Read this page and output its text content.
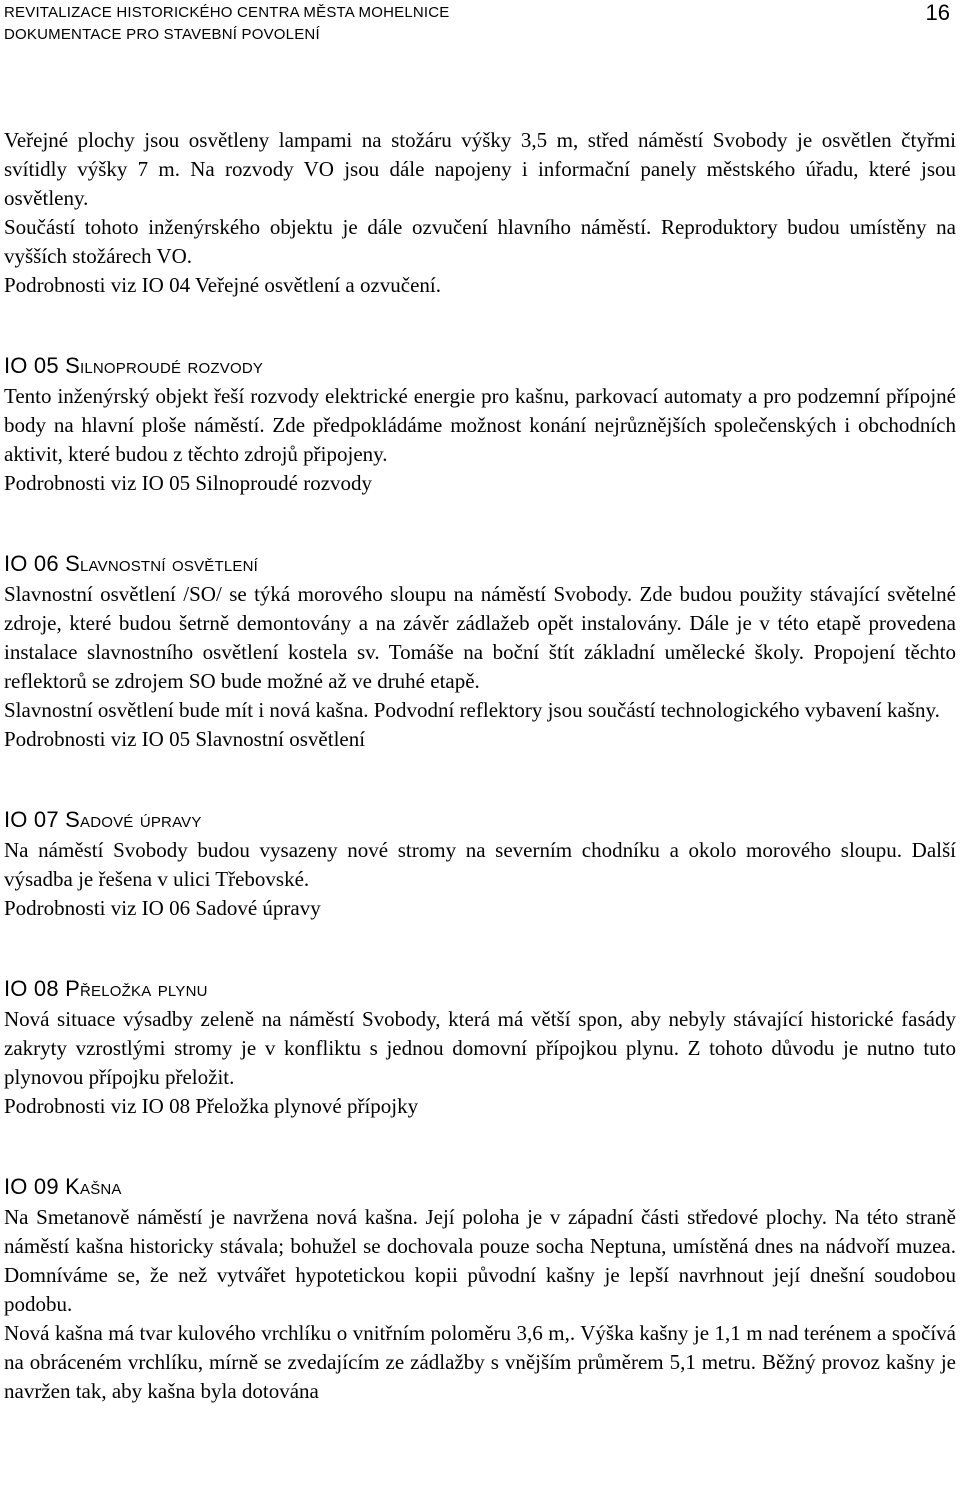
REVITALIZACE HISTORICKÉHO CENTRA MĚSTA MOHELNICE
DOKUMENTACE PRO STAVEBNÍ POVOLENÍ
16

Veřejné plochy jsou osvětleny lampami na stožáru výšky 3,5 m, střed náměstí Svobody je osvětlen čtyřmi svítidly výšky 7 m. Na rozvody VO jsou dále napojeny i informační panely městského úřadu, které jsou osvětleny.

Součástí tohoto inženýrského objektu je dále ozvučení hlavního náměstí. Reproduktory budou umístěny na vyšších stožárech VO.

Podrobnosti viz IO 04 Veřejné osvětlení a ozvučení.

IO 05 Silnoproudé rozvody

Tento inženýrský objekt řeší rozvody elektrické energie pro kašnu, parkovací automaty a pro podzemní přípojné body na hlavní ploše náměstí. Zde předpokládáme možnost konání nejrůznějších společenských i obchodních aktivit, které budou z těchto zdrojů připojeny.

Podrobnosti viz IO 05 Silnoproudé rozvody

IO 06 Slavnostní osvětlení

Slavnostní osvětlení /SO/ se týká morového sloupu na náměstí Svobody. Zde budou použity stávající světelné zdroje, které budou šetrně demontovány a na závěr zádlažeb opět instalovány. Dále je v této etapě provedena instalace slavnostního osvětlení kostela sv. Tomáše na boční štít základní umělecké školy. Propojení těchto reflektorů se zdrojem SO bude možné až ve druhé etapě.

Slavnostní osvětlení bude mít i nová kašna. Podvodní reflektory jsou součástí technologického vybavení kašny.

Podrobnosti viz IO 05 Slavnostní osvětlení

IO 07 Sadové úpravy

Na náměstí Svobody budou vysazeny nové stromy na severním chodníku a okolo morového sloupu. Další výsadba je řešena v ulici Třebovské.

Podrobnosti viz IO 06 Sadové úpravy

IO 08 Přeložka plynu

Nová situace výsadby zeleně na náměstí Svobody, která má větší spon, aby nebyly stávající historické fasády zakryty vzrostlými stromy je v konfliktu s jednou domovní přípojkou plynu. Z tohoto důvodu je nutno tuto plynovou přípojku přeložit.

Podrobnosti viz IO 08 Přeložka plynové přípojky

IO 09 Kašna

Na Smetanově náměstí je navržena nová kašna. Její poloha je v západní části středové plochy. Na této straně náměstí kašna historicky stávala; bohužel se dochovala pouze socha Neptuna, umístěná dnes na nádvoří muzea. Domníváme se, že než vytvářet hypotetickou kopii původní kašny je lepší navrhnout její dnešní soudobou podobu.

Nová kašna má tvar kulového vrchlíku o vnitřním poloměru 3,6 m,. Výška kašny je 1,1 m nad terénem a spočívá na obráceném vrchlíku, mírně se zvedajícím ze zádlažby s vnějším průměrem 5,1 metru. Běžný provoz kašny je navržen tak, aby kašna byla dotována
